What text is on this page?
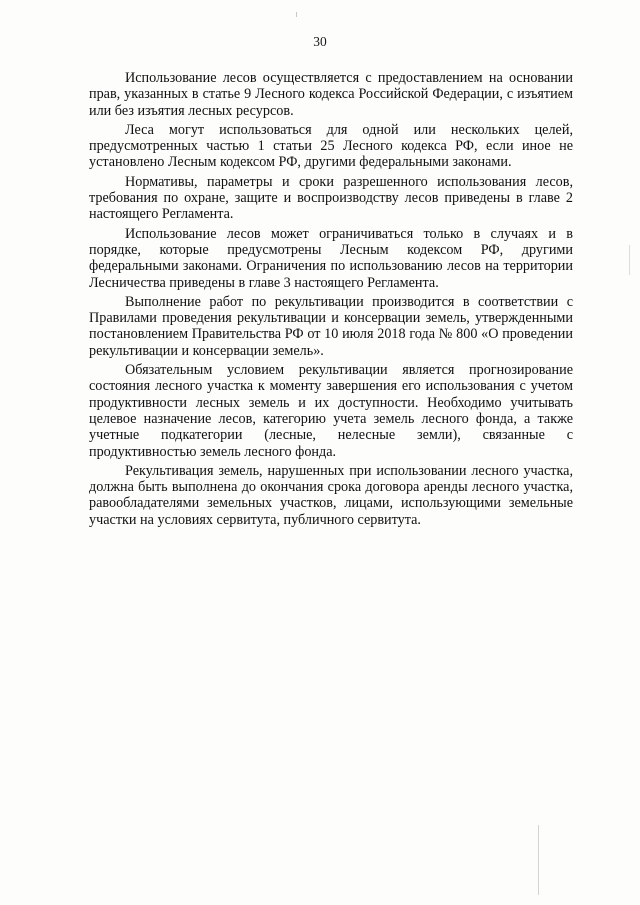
30

Использование лесов осуществляется с предоставлением на основании прав, указанных в статье 9 Лесного кодекса Российской Федерации, с изъятием или без изъятия лесных ресурсов.

Леса могут использоваться для одной или нескольких целей, предусмотренных частью 1 статьи 25 Лесного кодекса РФ, если иное не установлено Лесным кодексом РФ, другими федеральными законами.

Нормативы, параметры и сроки разрешенного использования лесов, требования по охране, защите и воспроизводству лесов приведены в главе 2 настоящего Регламента.

Использование лесов может ограничиваться только в случаях и в порядке, которые предусмотрены Лесным кодексом РФ, другими федеральными законами. Ограничения по использованию лесов на территории Лесничества приведены в главе 3 настоящего Регламента.

Выполнение работ по рекультивации производится в соответствии с Правилами проведения рекультивации и консервации земель, утвержденными постановлением Правительства РФ от 10 июля 2018 года № 800 «О проведении рекультивации и консервации земель».

Обязательным условием рекультивации является прогнозирование состояния лесного участка к моменту завершения его использования с учетом продуктивности лесных земель и их доступности. Необходимо учитывать целевое назначение лесов, категорию учета земель лесного фонда, а также учетные подкатегории (лесные, нелесные земли), связанные с продуктивностью земель лесного фонда.

Рекультивация земель, нарушенных при использовании лесного участка, должна быть выполнена до окончания срока договора аренды лесного участка, равообладателями земельных участков, лицами, использующими земельные участки на условиях сервитута, публичного сервитута.
